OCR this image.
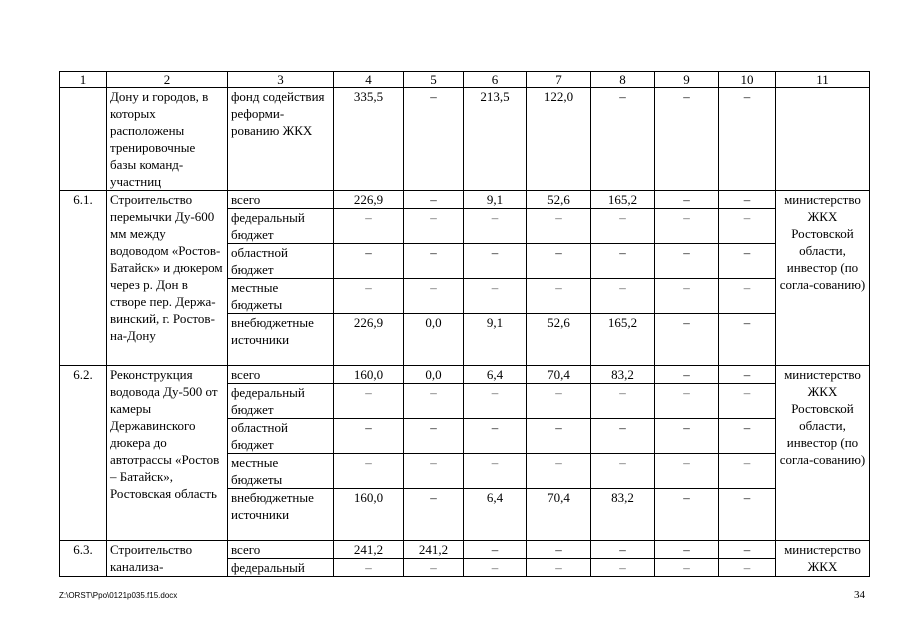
1	2	3	4	5	6	7	8	9	10	11
	Дону и городов, в которых расположены тренировочные базы команд-участниц	фонд содействия реформи-рованию ЖКХ	335,5	–	213,5	122,0	–	–	–	
6.1.	Строительство перемычки Ду-600 мм между водоводом «Ростов-Батайск» и дюкером через р. Дон в створе пер. Держа-винский, г. Ростов-на-Дону	всего	226,9	–	9,1	52,6	165,2	–	–	министерство ЖКХ Ростовской области, инвестор (по согла-сованию)
		федеральный бюджет	–	–	–	–	–	–	–	
		областной бюджет	–	–	–	–	–	–	–	
		местные бюджеты	–	–	–	–	–	–	–	
		внебюджетные источники	226,9	0,0	9,1	52,6	165,2	–	–	
6.2.	Реконструкция водовода Ду-500 от камеры Державинского дюкера до автотрассы «Ростов – Батайск», Ростовская область	всего	160,0	0,0	6,4	70,4	83,2	–	–	министерство ЖКХ Ростовской области, инвестор (по согла-сованию)
		федеральный бюджет	–	–	–	–	–	–	–	
		областной бюджет	–	–	–	–	–	–	–	
		местные бюджеты	–	–	–	–	–	–	–	
		внебюджетные источники	160,0	–	6,4	70,4	83,2	–	–	
6.3.	Строительство канализа-	всего	241,2	241,2	–	–	–	–	–	министерство ЖКХ
		федеральный	–	–	–	–	–	–	–	
Z:\ORST\Ppo\0121p035.f15.docx	34
